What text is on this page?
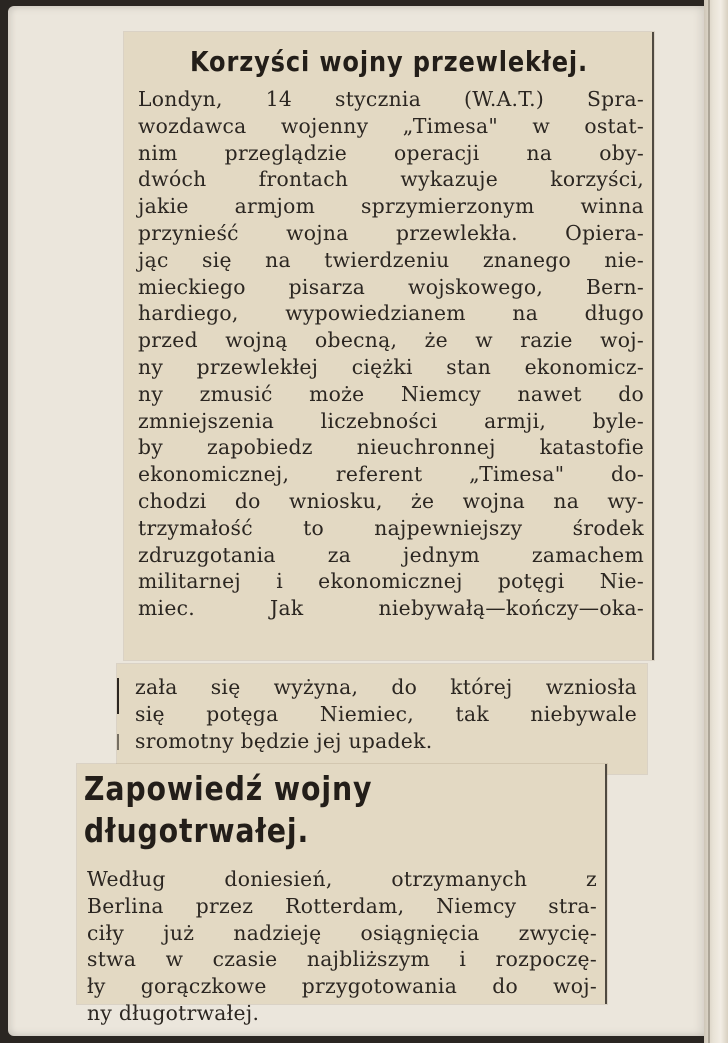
Korzyści wojny przewlekłej.
Londyn, 14 stycznia (W.A.T.) Spra-
wozdawca wojenny „Timesa" w ostat-
nim przeglądzie operacji na oby-
dwóch frontach wykazuje korzyści,
jakie armjom sprzymierzonym winna
przynieść wojna przewlekła. Opiera-
jąc się na twierdzeniu znanego nie-
mieckiego pisarza wojskowego, Bern-
hardiego, wypowiedzianem na długo
przed wojną obecną, że w razie woj-
ny przewlekłej ciężki stan ekonomicz-
ny zmusić może Niemcy nawet do
zmniejszenia liczebności armji, byle-
by zapobiedz nieuchronnej katastofie
ekonomicznej, referent „Timesa" do-
chodzi do wniosku, że wojna na wy-
trzymałość to najpewniejszy środek
zdruzgotania za jednym zamachem
militarnej i ekonomicznej potęgi Nie-
miec. Jak niebywałą—kończy—oka-
zała się wyżyna, do której wzniosła
się potęga Niemiec, tak niebywale
sromotny będzie jej upadek.
Zapowiedź wojny długotrwałej.
Według doniesień, otrzymanych z
Berlina przez Rotterdam, Niemcy stra-
ciły już nadzieję osiągnięcia zwycię-
stwa w czasie najbliższym i rozpoczę-
ły gorączkowe przygotowania do woj-
ny długotrwałej.
